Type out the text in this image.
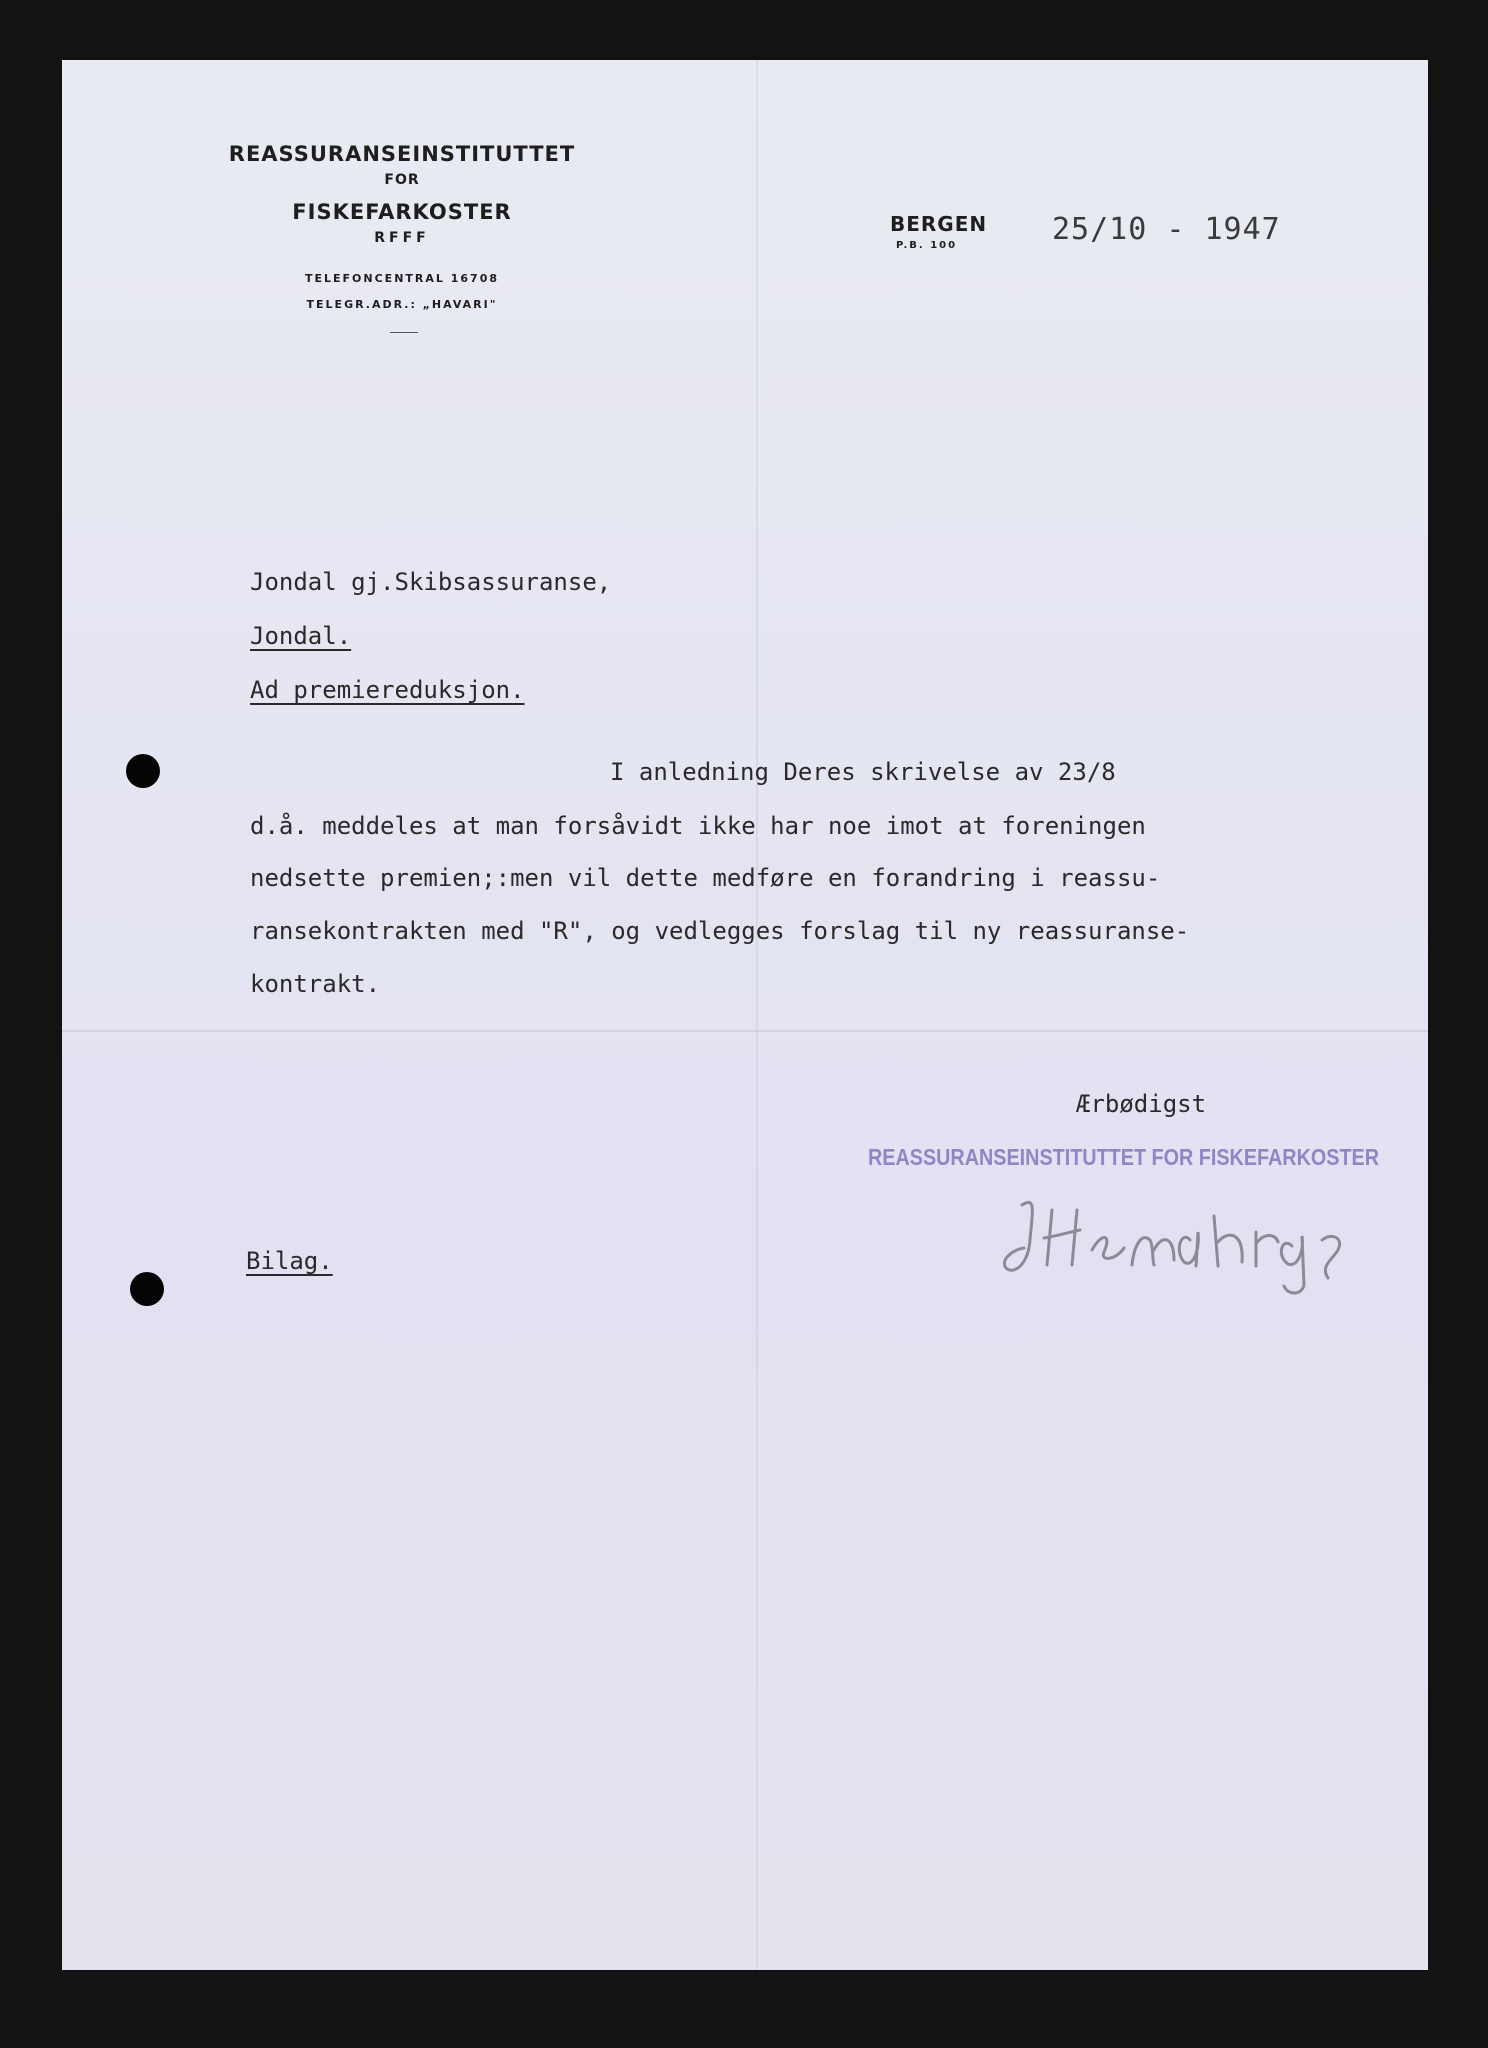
REASSURANSEINSTITUTTET
FOR
FISKEFARKOSTER
RFFF
TELEFONCENTRAL 16708
TELEGR.ADR.: „HAVARI"
BERGEN
P.B. 100	25/10 - 1947
Jondal gj.Skibsassuranse,
Jondal.
Ad premiereduksjon.
I anledning Deres skrivelse av 23/8
d.å. meddeles at man forsåvidt ikke har noe imot at foreningen
nedsette premien;:men vil dette medføre en forandring i reassu-
ransekontrakten med "R", og vedlegges forslag til ny reassuranse-
kontrakt.
Ærbødigst
REASSURANSEINSTITUTTET FOR FISKEFARKOSTER
Bilag.
